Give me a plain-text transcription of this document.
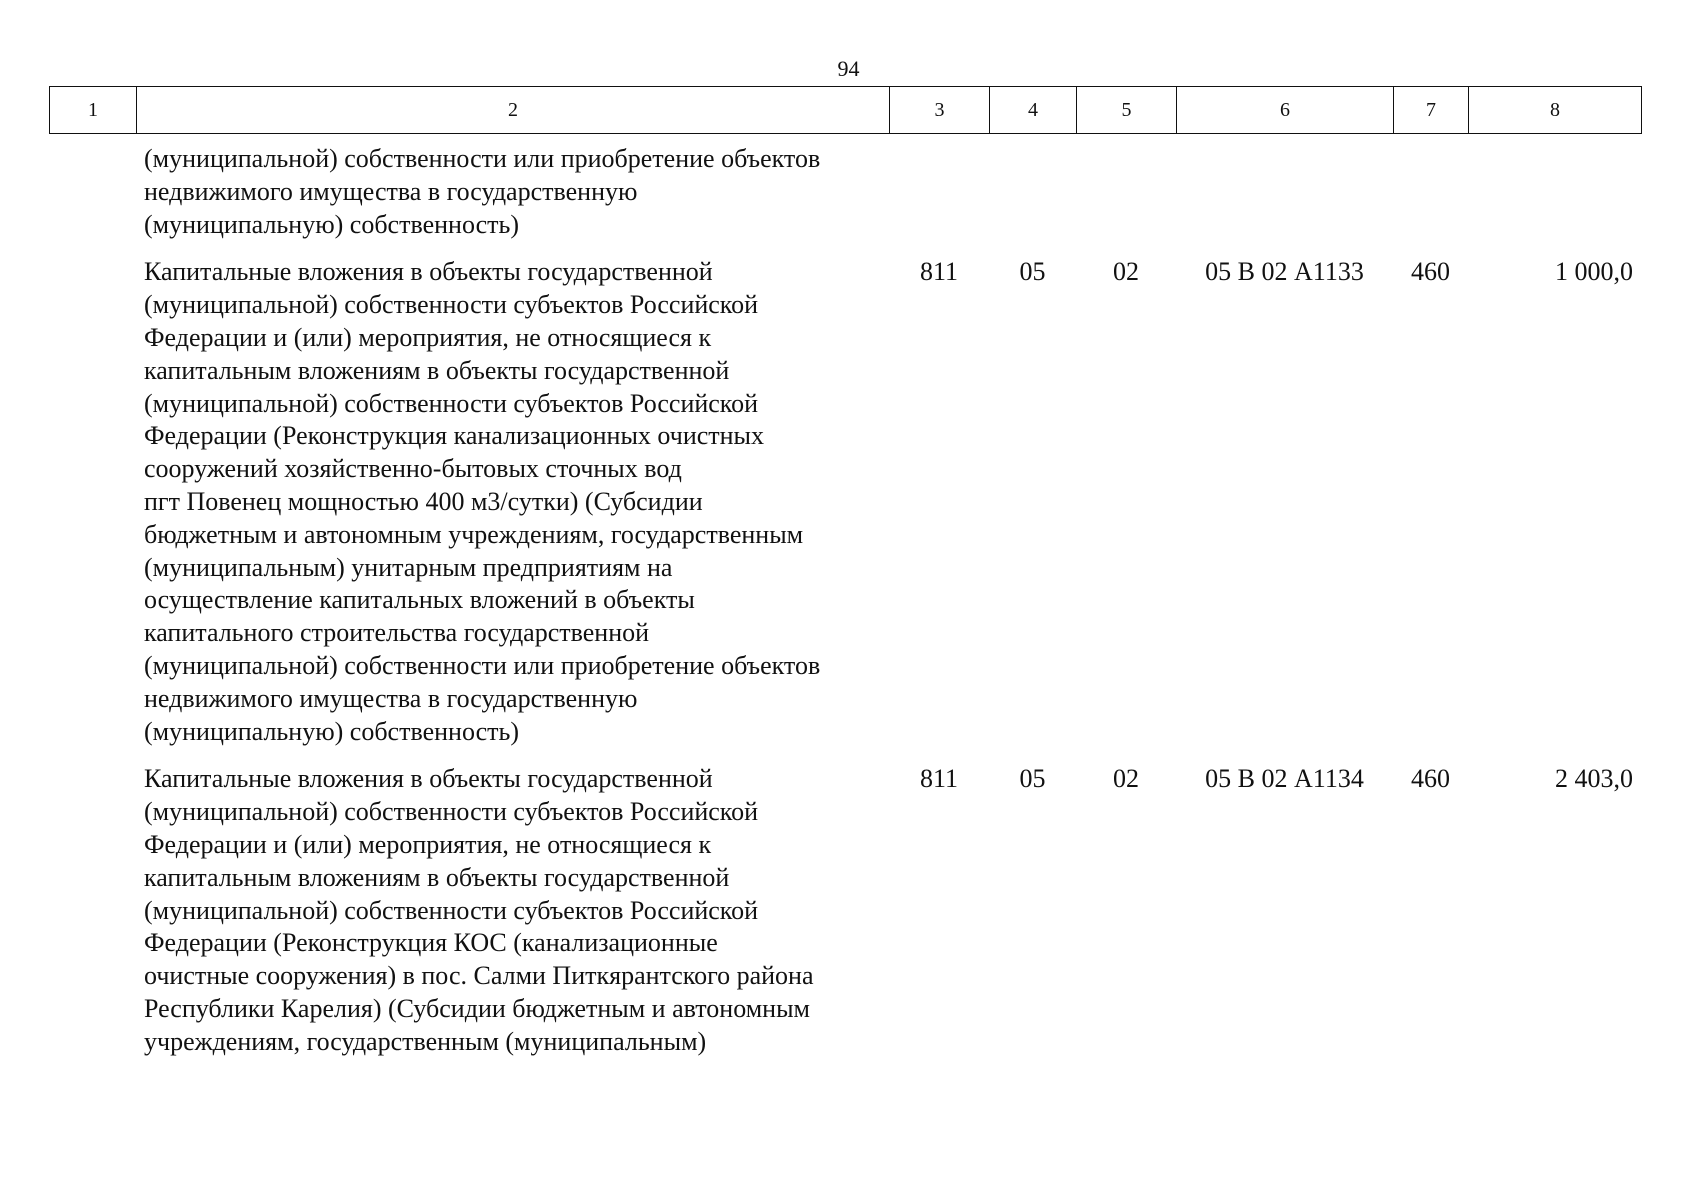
94
1	2	3	4	5	6	7	8
(муниципальной) собственности или приобретение объектов
недвижимого имущества в государственную
(муниципальную) собственность)
Капитальные вложения в объекты государственной
(муниципальной) собственности субъектов Российской
Федерации и (или) мероприятия, не относящиеся к
капитальным вложениям в объекты государственной
(муниципальной) собственности субъектов Российской
Федерации (Реконструкция канализационных очистных
сооружений хозяйственно-бытовых сточных вод
пгт Повенец мощностью 400 м3/сутки) (Субсидии
бюджетным и автономным учреждениям, государственным
(муниципальным) унитарным предприятиям на
осуществление капитальных вложений в объекты
капитального строительства государственной
(муниципальной) собственности или приобретение объектов
недвижимого имущества в государственную
(муниципальную) собственность)
811	05	02	05 В 02 А1133	460	1 000,0
Капитальные вложения в объекты государственной
(муниципальной) собственности субъектов Российской
Федерации и (или) мероприятия, не относящиеся к
капитальным вложениям в объекты государственной
(муниципальной) собственности субъектов Российской
Федерации (Реконструкция КОС (канализационные
очистные сооружения) в пос. Салми Питкярантского района
Республики Карелия) (Субсидии бюджетным и автономным
учреждениям, государственным (муниципальным)
811	05	02	05 В 02 А1134	460	2 403,0
